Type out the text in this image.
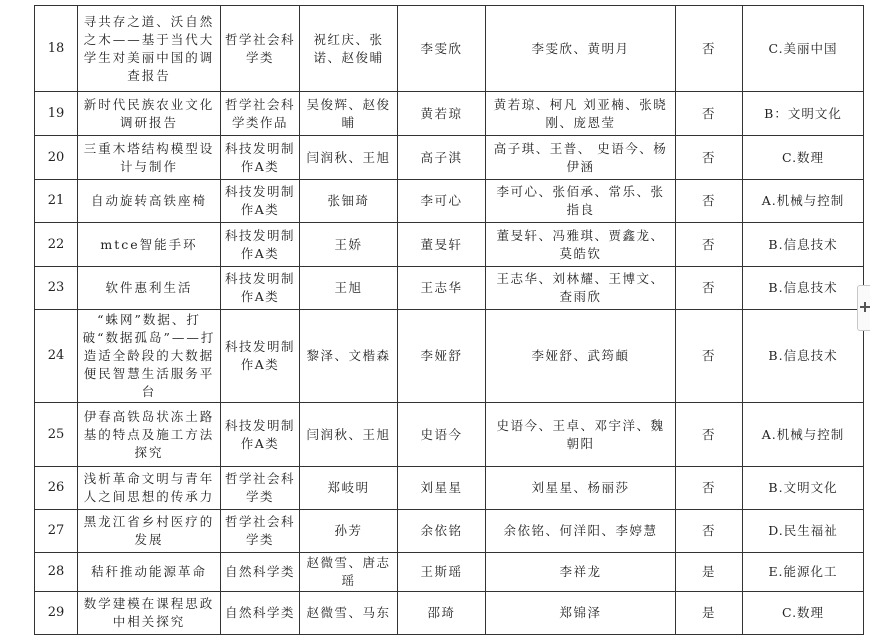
18	寻共存之道、沃自然之木——基于当代大学生对美丽中国的调查报告	哲学社会科学类	祝红庆、张诺、赵俊晡	李雯欣	李雯欣、黄明月	否	C.美丽中国
19	新时代民族农业文化调研报告	哲学社会科学类作品	吴俊辉、赵俊晡	黄若琼	黄若琼、柯凡 刘亚楠、张晓刚、庞恩莹	否	B：文明文化
20	三重木塔结构模型设计与制作	科技发明制作A类	闫润秋、王旭	高子淇	高子琪、王普、 史语今、杨伊涵	否	C.数理
21	自动旋转高铁座椅	科技发明制作A类	张钿琦	李可心	李可心、张佰承、常乐、张指良	否	A.机械与控制
22	mtce智能手环	科技发明制作A类	王娇	董旻轩	董旻轩、冯雅琪、贾鑫龙、莫皓钦	否	B.信息技术
23	软件惠利生活	科技发明制作A类	王旭	王志华	王志华、刘林耀、王博文、查雨欣	否	B.信息技术
24	“蛛网”数据、打破“数据孤岛”——打造适全龄段的大数据便民智慧生活服务平台	科技发明制作A类	黎泽、文楷森	李娅舒	李娅舒、武筠頔	否	B.信息技术
25	伊春高铁岛状冻土路基的特点及施工方法探究	科技发明制作A类	闫润秋、王旭	史语今	史语今、王卓、邓宇洋、魏朝阳	否	A.机械与控制
26	浅析革命文明与青年人之间思想的传承力	哲学社会科学类	郑岐明	刘星星	刘星星、杨丽莎	否	B.文明文化
27	黑龙江省乡村医疗的发展	哲学社会科学类	孙芳	余依铭	余依铭、何洋阳、李婷慧	否	D.民生福祉
28	秸秆推动能源革命	自然科学类	赵微雪、唐志瑶	王斯瑶	李祥龙	是	E.能源化工
29	数学建模在课程思政中相关探究	自然科学类	赵微雪、马东	邵琦	郑锦泽	是	C.数理
